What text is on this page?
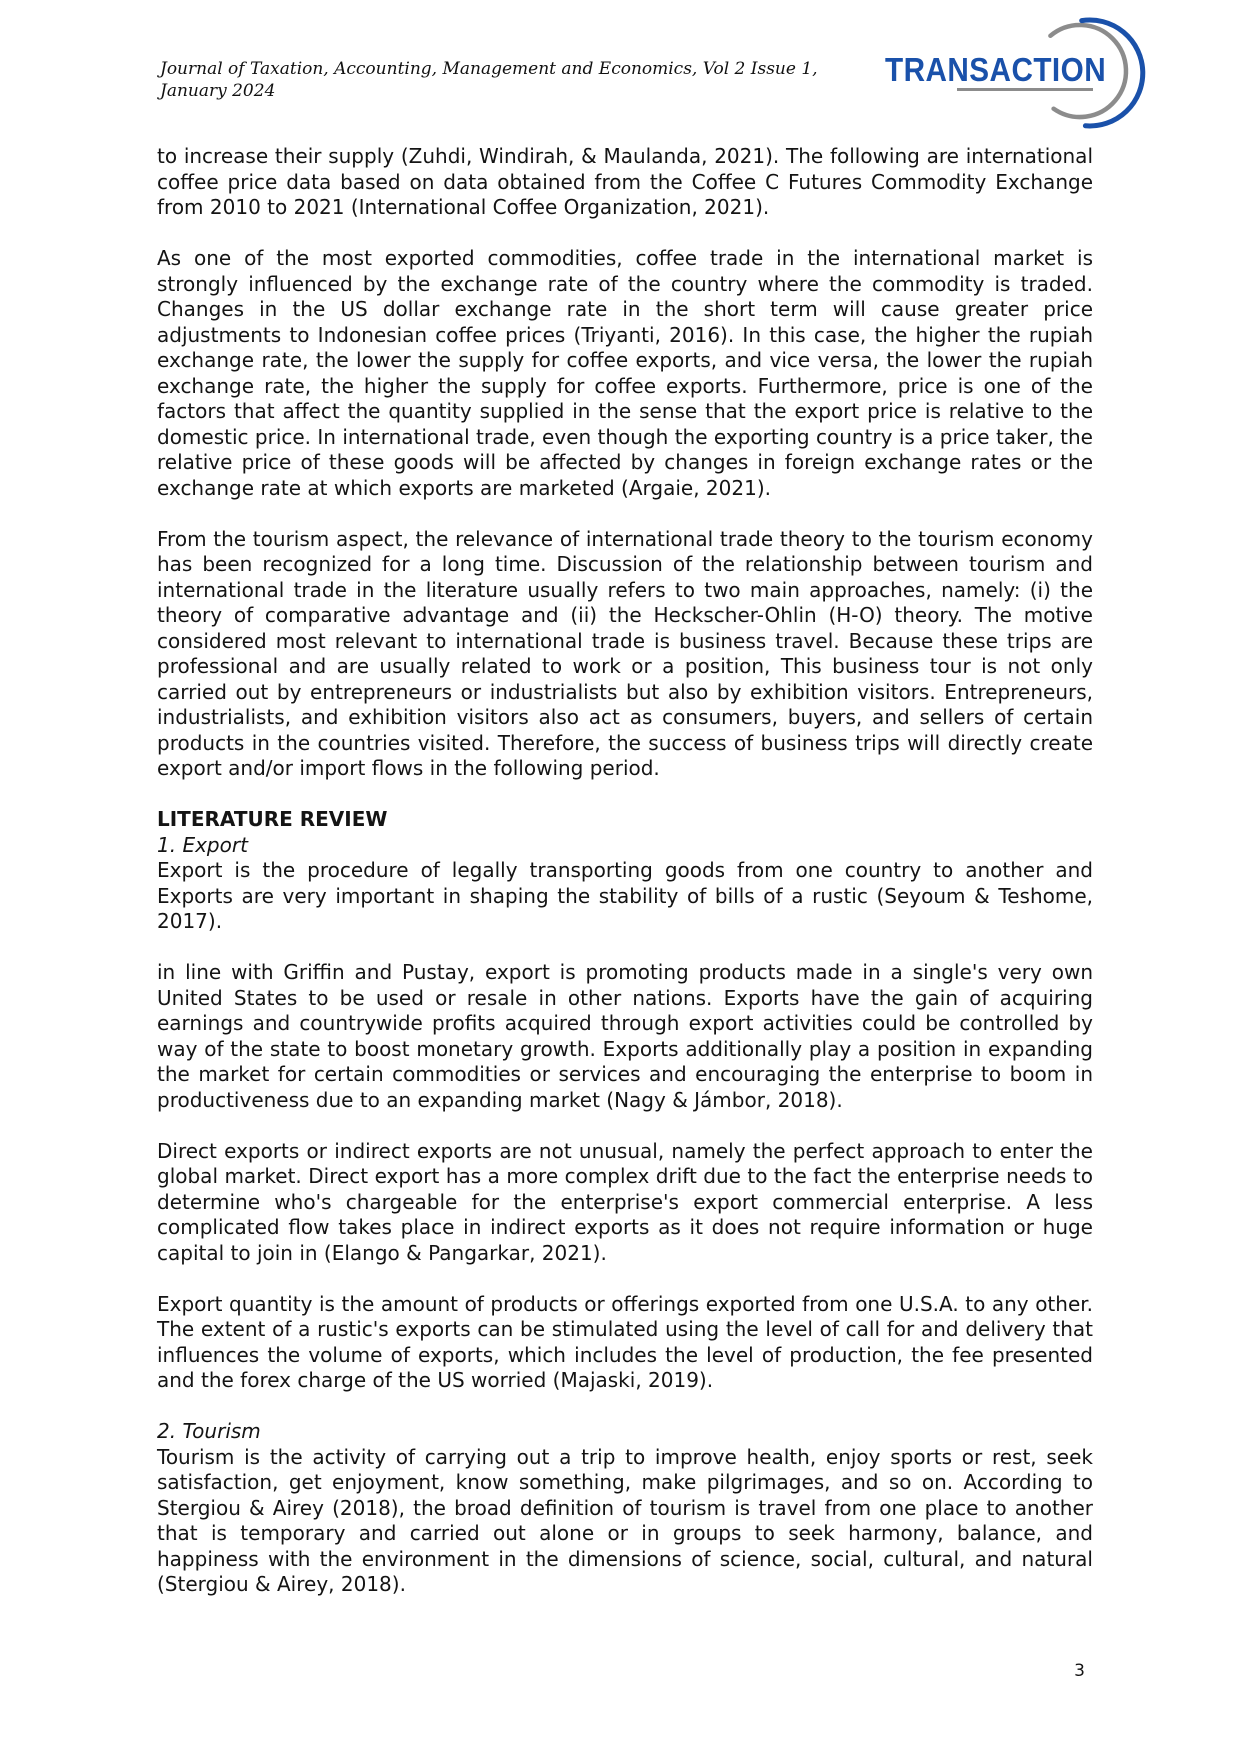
Journal of Taxation, Accounting, Management and Economics, Vol 2 Issue 1, January 2024
TRANSACTION

to increase their supply (Zuhdi, Windirah, & Maulanda, 2021). The following are international coffee price data based on data obtained from the Coffee C Futures Commodity Exchange from 2010 to 2021 (International Coffee Organization, 2021).

As one of the most exported commodities, coffee trade in the international market is strongly influenced by the exchange rate of the country where the commodity is traded. Changes in the US dollar exchange rate in the short term will cause greater price adjustments to Indonesian coffee prices (Triyanti, 2016). In this case, the higher the rupiah exchange rate, the lower the supply for coffee exports, and vice versa, the lower the rupiah exchange rate, the higher the supply for coffee exports. Furthermore, price is one of the factors that affect the quantity supplied in the sense that the export price is relative to the domestic price. In international trade, even though the exporting country is a price taker, the relative price of these goods will be affected by changes in foreign exchange rates or the exchange rate at which exports are marketed (Argaie, 2021).

From the tourism aspect, the relevance of international trade theory to the tourism economy has been recognized for a long time. Discussion of the relationship between tourism and international trade in the literature usually refers to two main approaches, namely: (i) the theory of comparative advantage and (ii) the Heckscher-Ohlin (H-O) theory. The motive considered most relevant to international trade is business travel. Because these trips are professional and are usually related to work or a position, This business tour is not only carried out by entrepreneurs or industrialists but also by exhibition visitors. Entrepreneurs, industrialists, and exhibition visitors also act as consumers, buyers, and sellers of certain products in the countries visited. Therefore, the success of business trips will directly create export and/or import flows in the following period.

LITERATURE REVIEW

1. Export

Export is the procedure of legally transporting goods from one country to another and Exports are very important in shaping the stability of bills of a rustic (Seyoum & Teshome, 2017).

in line with Griffin and Pustay, export is promoting products made in a single's very own United States to be used or resale in other nations. Exports have the gain of acquiring earnings and countrywide profits acquired through export activities could be controlled by way of the state to boost monetary growth. Exports additionally play a position in expanding the market for certain commodities or services and encouraging the enterprise to boom in productiveness due to an expanding market (Nagy & Jámbor, 2018).

Direct exports or indirect exports are not unusual, namely the perfect approach to enter the global market. Direct export has a more complex drift due to the fact the enterprise needs to determine who's chargeable for the enterprise's export commercial enterprise. A less complicated flow takes place in indirect exports as it does not require information or huge capital to join in (Elango & Pangarkar, 2021).

Export quantity is the amount of products or offerings exported from one U.S.A. to any other. The extent of a rustic's exports can be stimulated using the level of call for and delivery that influences the volume of exports, which includes the level of production, the fee presented and the forex charge of the US worried (Majaski, 2019).

2. Tourism

Tourism is the activity of carrying out a trip to improve health, enjoy sports or rest, seek satisfaction, get enjoyment, know something, make pilgrimages, and so on. According to Stergiou & Airey (2018), the broad definition of tourism is travel from one place to another that is temporary and carried out alone or in groups to seek harmony, balance, and happiness with the environment in the dimensions of science, social, cultural, and natural (Stergiou & Airey, 2018).

3
